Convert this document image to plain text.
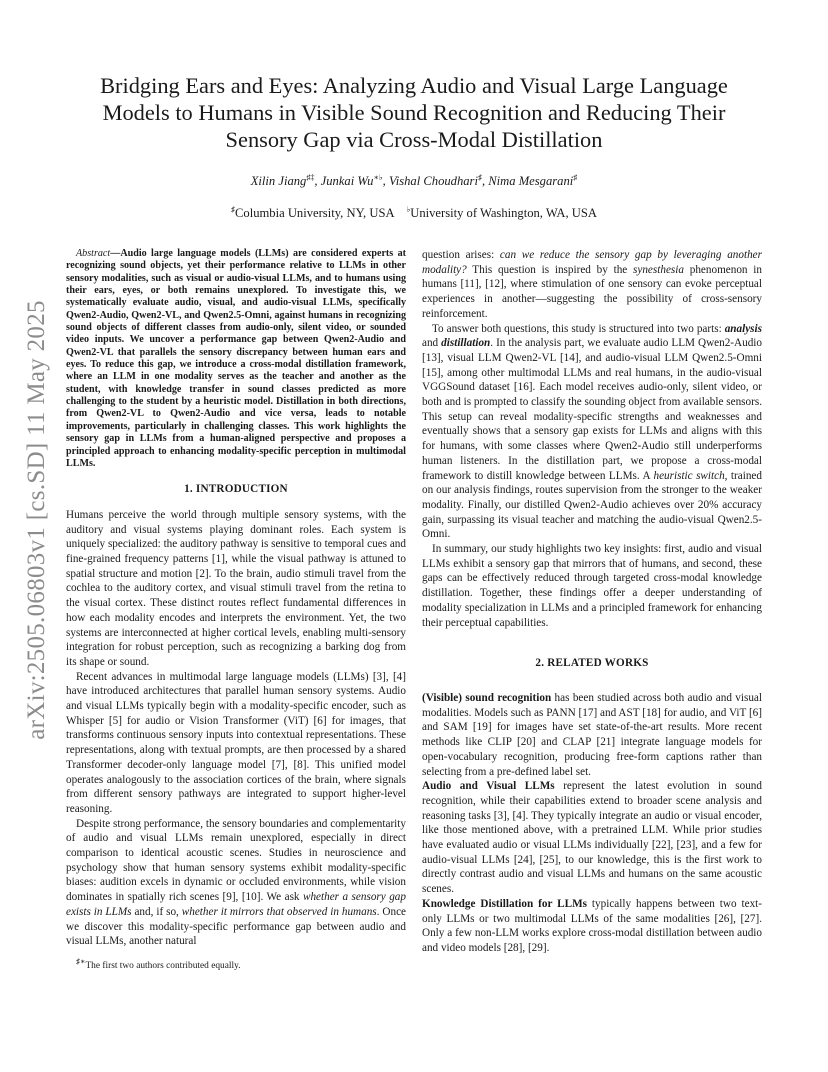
arXiv:2505.06803v1 [cs.SD] 11 May 2025
Bridging Ears and Eyes: Analyzing Audio and Visual Large Language Models to Humans in Visible Sound Recognition and Reducing Their Sensory Gap via Cross-Modal Distillation

Xilin Jiang♯‡, Junkai Wu∗♭, Vishal Choudhari♯, Nima Mesgarani♯

♯Columbia University, NY, USA ♭University of Washington, WA, USA

Abstract—Audio large language models (LLMs) are considered experts at recognizing sound objects, yet their performance relative to LLMs in other sensory modalities, such as visual or audio-visual LLMs, and to humans using their ears, eyes, or both remains unexplored. To investigate this, we systematically evaluate audio, visual, and audio-visual LLMs, specifically Qwen2-Audio, Qwen2-VL, and Qwen2.5-Omni, against humans in recognizing sound objects of different classes from audio-only, silent video, or sounded video inputs. We uncover a performance gap between Qwen2-Audio and Qwen2-VL that parallels the sensory discrepancy between human ears and eyes. To reduce this gap, we introduce a cross-modal distillation framework, where an LLM in one modality serves as the teacher and another as the student, with knowledge transfer in sound classes predicted as more challenging to the student by a heuristic model. Distillation in both directions, from Qwen2-VL to Qwen2-Audio and vice versa, leads to notable improvements, particularly in challenging classes. This work highlights the sensory gap in LLMs from a human-aligned perspective and proposes a principled approach to enhancing modality-specific perception in multimodal LLMs.

1. INTRODUCTION

Humans perceive the world through multiple sensory systems, with the auditory and visual systems playing dominant roles. Each system is uniquely specialized: the auditory pathway is sensitive to temporal cues and fine-grained frequency patterns [1], while the visual pathway is attuned to spatial structure and motion [2]. To the brain, audio stimuli travel from the cochlea to the auditory cortex, and visual stimuli travel from the retina to the visual cortex. These distinct routes reflect fundamental differences in how each modality encodes and interprets the environment. Yet, the two systems are interconnected at higher cortical levels, enabling multi-sensory integration for robust perception, such as recognizing a barking dog from its shape or sound.

Recent advances in multimodal large language models (LLMs) [3], [4] have introduced architectures that parallel human sensory systems. Audio and visual LLMs typically begin with a modality-specific encoder, such as Whisper [5] for audio or Vision Transformer (ViT) [6] for images, that transforms continuous sensory inputs into contextual representations. These representations, along with textual prompts, are then processed by a shared Transformer decoder-only language model [7], [8]. This unified model operates analogously to the association cortices of the brain, where signals from different sensory pathways are integrated to support higher-level reasoning.

Despite strong performance, the sensory boundaries and complementarity of audio and visual LLMs remain unexplored, especially in direct comparison to identical acoustic scenes. Studies in neuroscience and psychology show that human sensory systems exhibit modality-specific biases: audition excels in dynamic or occluded environments, while vision dominates in spatially rich scenes [9], [10]. We ask whether a sensory gap exists in LLMs and, if so, whether it mirrors that observed in humans. Once we discover this modality-specific performance gap between audio and visual LLMs, another natural

question arises: can we reduce the sensory gap by leveraging another modality? This question is inspired by the synesthesia phenomenon in humans [11], [12], where stimulation of one sensory can evoke perceptual experiences in another—suggesting the possibility of cross-sensory reinforcement.

To answer both questions, this study is structured into two parts: analysis and distillation. In the analysis part, we evaluate audio LLM Qwen2-Audio [13], visual LLM Qwen2-VL [14], and audio-visual LLM Qwen2.5-Omni [15], among other multimodal LLMs and real humans, in the audio-visual VGGSound dataset [16]. Each model receives audio-only, silent video, or both and is prompted to classify the sounding object from available sensors. This setup can reveal modality-specific strengths and weaknesses and eventually shows that a sensory gap exists for LLMs and aligns with this for humans, with some classes where Qwen2-Audio still underperforms human listeners. In the distillation part, we propose a cross-modal framework to distill knowledge between LLMs. A heuristic switch, trained on our analysis findings, routes supervision from the stronger to the weaker modality. Finally, our distilled Qwen2-Audio achieves over 20% accuracy gain, surpassing its visual teacher and matching the audio-visual Qwen2.5-Omni.

In summary, our study highlights two key insights: first, audio and visual LLMs exhibit a sensory gap that mirrors that of humans, and second, these gaps can be effectively reduced through targeted cross-modal knowledge distillation. Together, these findings offer a deeper understanding of modality specialization in LLMs and a principled framework for enhancing their perceptual capabilities.

2. RELATED WORKS

(Visible) sound recognition has been studied across both audio and visual modalities. Models such as PANN [17] and AST [18] for audio, and ViT [6] and SAM [19] for images have set state-of-the-art results. More recent methods like CLIP [20] and CLAP [21] integrate language models for open-vocabulary recognition, producing free-form captions rather than selecting from a pre-defined label set.

Audio and Visual LLMs represent the latest evolution in sound recognition, while their capabilities extend to broader scene analysis and reasoning tasks [3], [4]. They typically integrate an audio or visual encoder, like those mentioned above, with a pretrained LLM. While prior studies have evaluated audio or visual LLMs individually [22], [23], and a few for audio-visual LLMs [24], [25], to our knowledge, this is the first work to directly contrast audio and visual LLMs and humans on the same acoustic scenes.

Knowledge Distillation for LLMs typically happens between two text-only LLMs or two multimodal LLMs of the same modalities [26], [27]. Only a few non-LLM works explore cross-modal distillation between audio and video models [28], [29].

♯∗The first two authors contributed equally.
